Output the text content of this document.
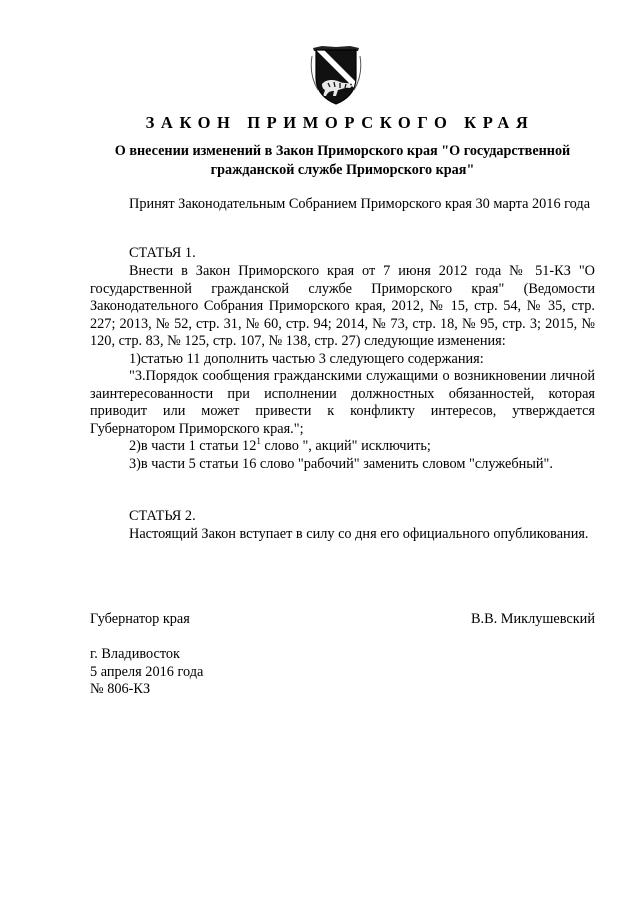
ЗАКОН ПРИМОРСКОГО КРАЯ
О внесении изменений в Закон Приморского края "О государственной гражданской службе Приморского края"

Принят Законодательным Собранием Приморского края 30 марта 2016 года

СТАТЬЯ 1.

Внести в Закон Приморского края от 7 июня 2012 года № 51-КЗ "О государственной гражданской службе Приморского края" (Ведомости Законодательного Собрания Приморского края, 2012, № 15, стр. 54, № 35, стр. 227; 2013, № 52, стр. 31, № 60, стр. 94; 2014, № 73, стр. 18, № 95, стр. 3; 2015, № 120, стр. 83, № 125, стр. 107, № 138, стр. 27) следующие изменения:

1)статью 11 дополнить частью 3 следующего содержания:

"3.Порядок сообщения гражданскими служащими о возникновении личной заинтересованности при исполнении должностных обязанностей, которая приводит или может привести к конфликту интересов, утверждается Губернатором Приморского края.";

2)в части 1 статьи $12^1$ слово ", акций" исключить;

3)в части 5 статьи 16 слово "рабочий" заменить словом "служебный".

СТАТЬЯ 2.

Настоящий Закон вступает в силу со дня его официального опубликования.

Губернатор края	В.В. Миклушевский

г. Владивосток

5 апреля 2016 года

№ 806-КЗ
